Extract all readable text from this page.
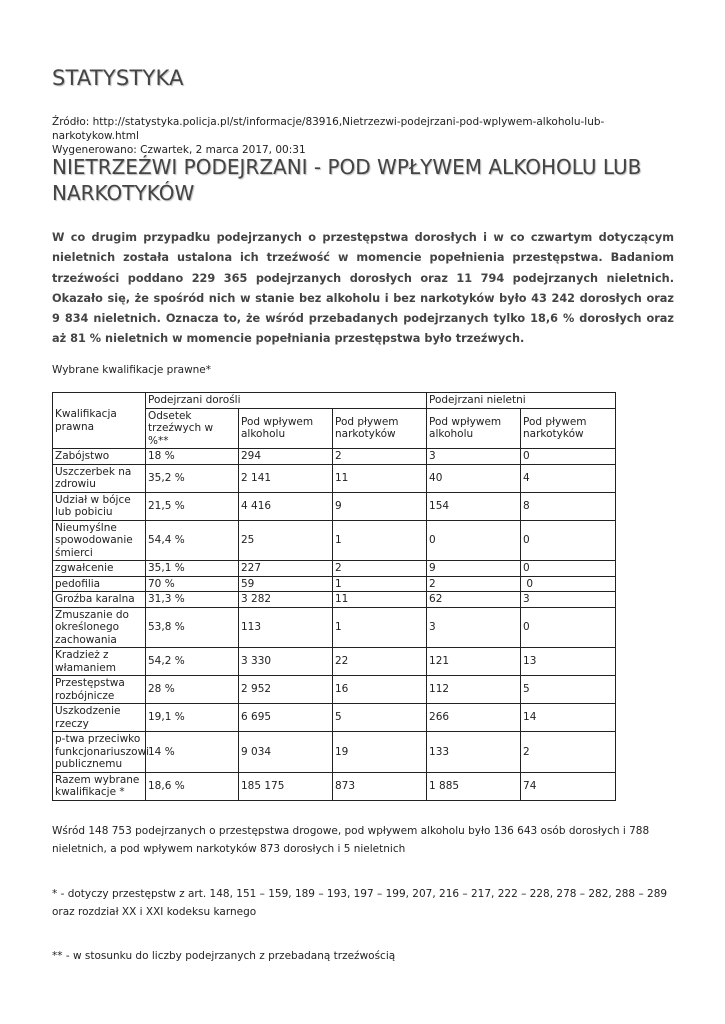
STATYSTYKA
Źródło: http://statystyka.policja.pl/st/informacje/83916,Nietrzezwi-podejrzani-pod-wplywem-alkoholu-lub-narkotykow.html
Wygenerowano: Czwartek, 2 marca 2017, 00:31
NIETRZEŹWI PODEJRZANI - POD WPŁYWEM ALKOHOLU LUB NARKOTYKÓW
W co drugim przypadku podejrzanych o przestępstwa dorosłych i w co czwartym dotyczącym nieletnich została ustalona ich trzeźwość w momencie popełnienia przestępstwa. Badaniom trzeźwości poddano 229 365 podejrzanych dorosłych oraz 11 794 podejrzanych nieletnich. Okazało się, że spośród nich w stanie bez alkoholu i bez narkotyków było 43 242 dorosłych oraz 9 834 nieletnich. Oznacza to, że wśród przebadanych podejrzanych tylko 18,6 % dorosłych oraz aż 81 % nieletnich w momencie popełniania przestępstwa było trzeźwych.
Wybrane kwalifikacje prawne*
Kwalifikacja prawna	Podejrzani dorośli			Podejrzani nieletni	
	Odsetek trzeźwych w %**	Pod wpływem alkoholu	Pod pływem narkotyków	Pod wpływem alkoholu	Pod pływem narkotyków
Zabójstwo	18 %	294	2	3	0
Uszczerbek na zdrowiu	35,2 %	2 141	11	40	4
Udział w bójce lub pobiciu	21,5 %	4 416	9	154	8
Nieumyślne spowodowanie śmierci	54,4 %	25	1	0	0
zgwałcenie	35,1 %	227	2	9	0
pedofilia	70 %	59	1	2	0
Groźba karalna	31,3 %	3 282	11	62	3
Zmuszanie do określonego zachowania	53,8 %	113	1	3	0
Kradzież z włamaniem	54,2 %	3 330	22	121	13
Przestępstwa rozbójnicze	28 %	2 952	16	112	5
Uszkodzenie rzeczy	19,1 %	6 695	5	266	14
p-twa przeciwko funkcjonariuszowi publicznemu	14 %	9 034	19	133	2
Razem wybrane kwalifikacje *	18,6 %	185 175	873	1 885	74
Wśród 148 753 podejrzanych o przestępstwa drogowe, pod wpływem alkoholu było 136 643 osób dorosłych i 788 nieletnich, a pod wpływem narkotyków 873 dorosłych i 5 nieletnich
* - dotyczy przestępstw z art. 148, 151 – 159, 189 – 193, 197 – 199, 207, 216 – 217, 222 – 228, 278 – 282, 288 – 289 oraz rozdział XX i XXI kodeksu karnego
** - w stosunku do liczby podejrzanych z przebadaną trzeźwością
